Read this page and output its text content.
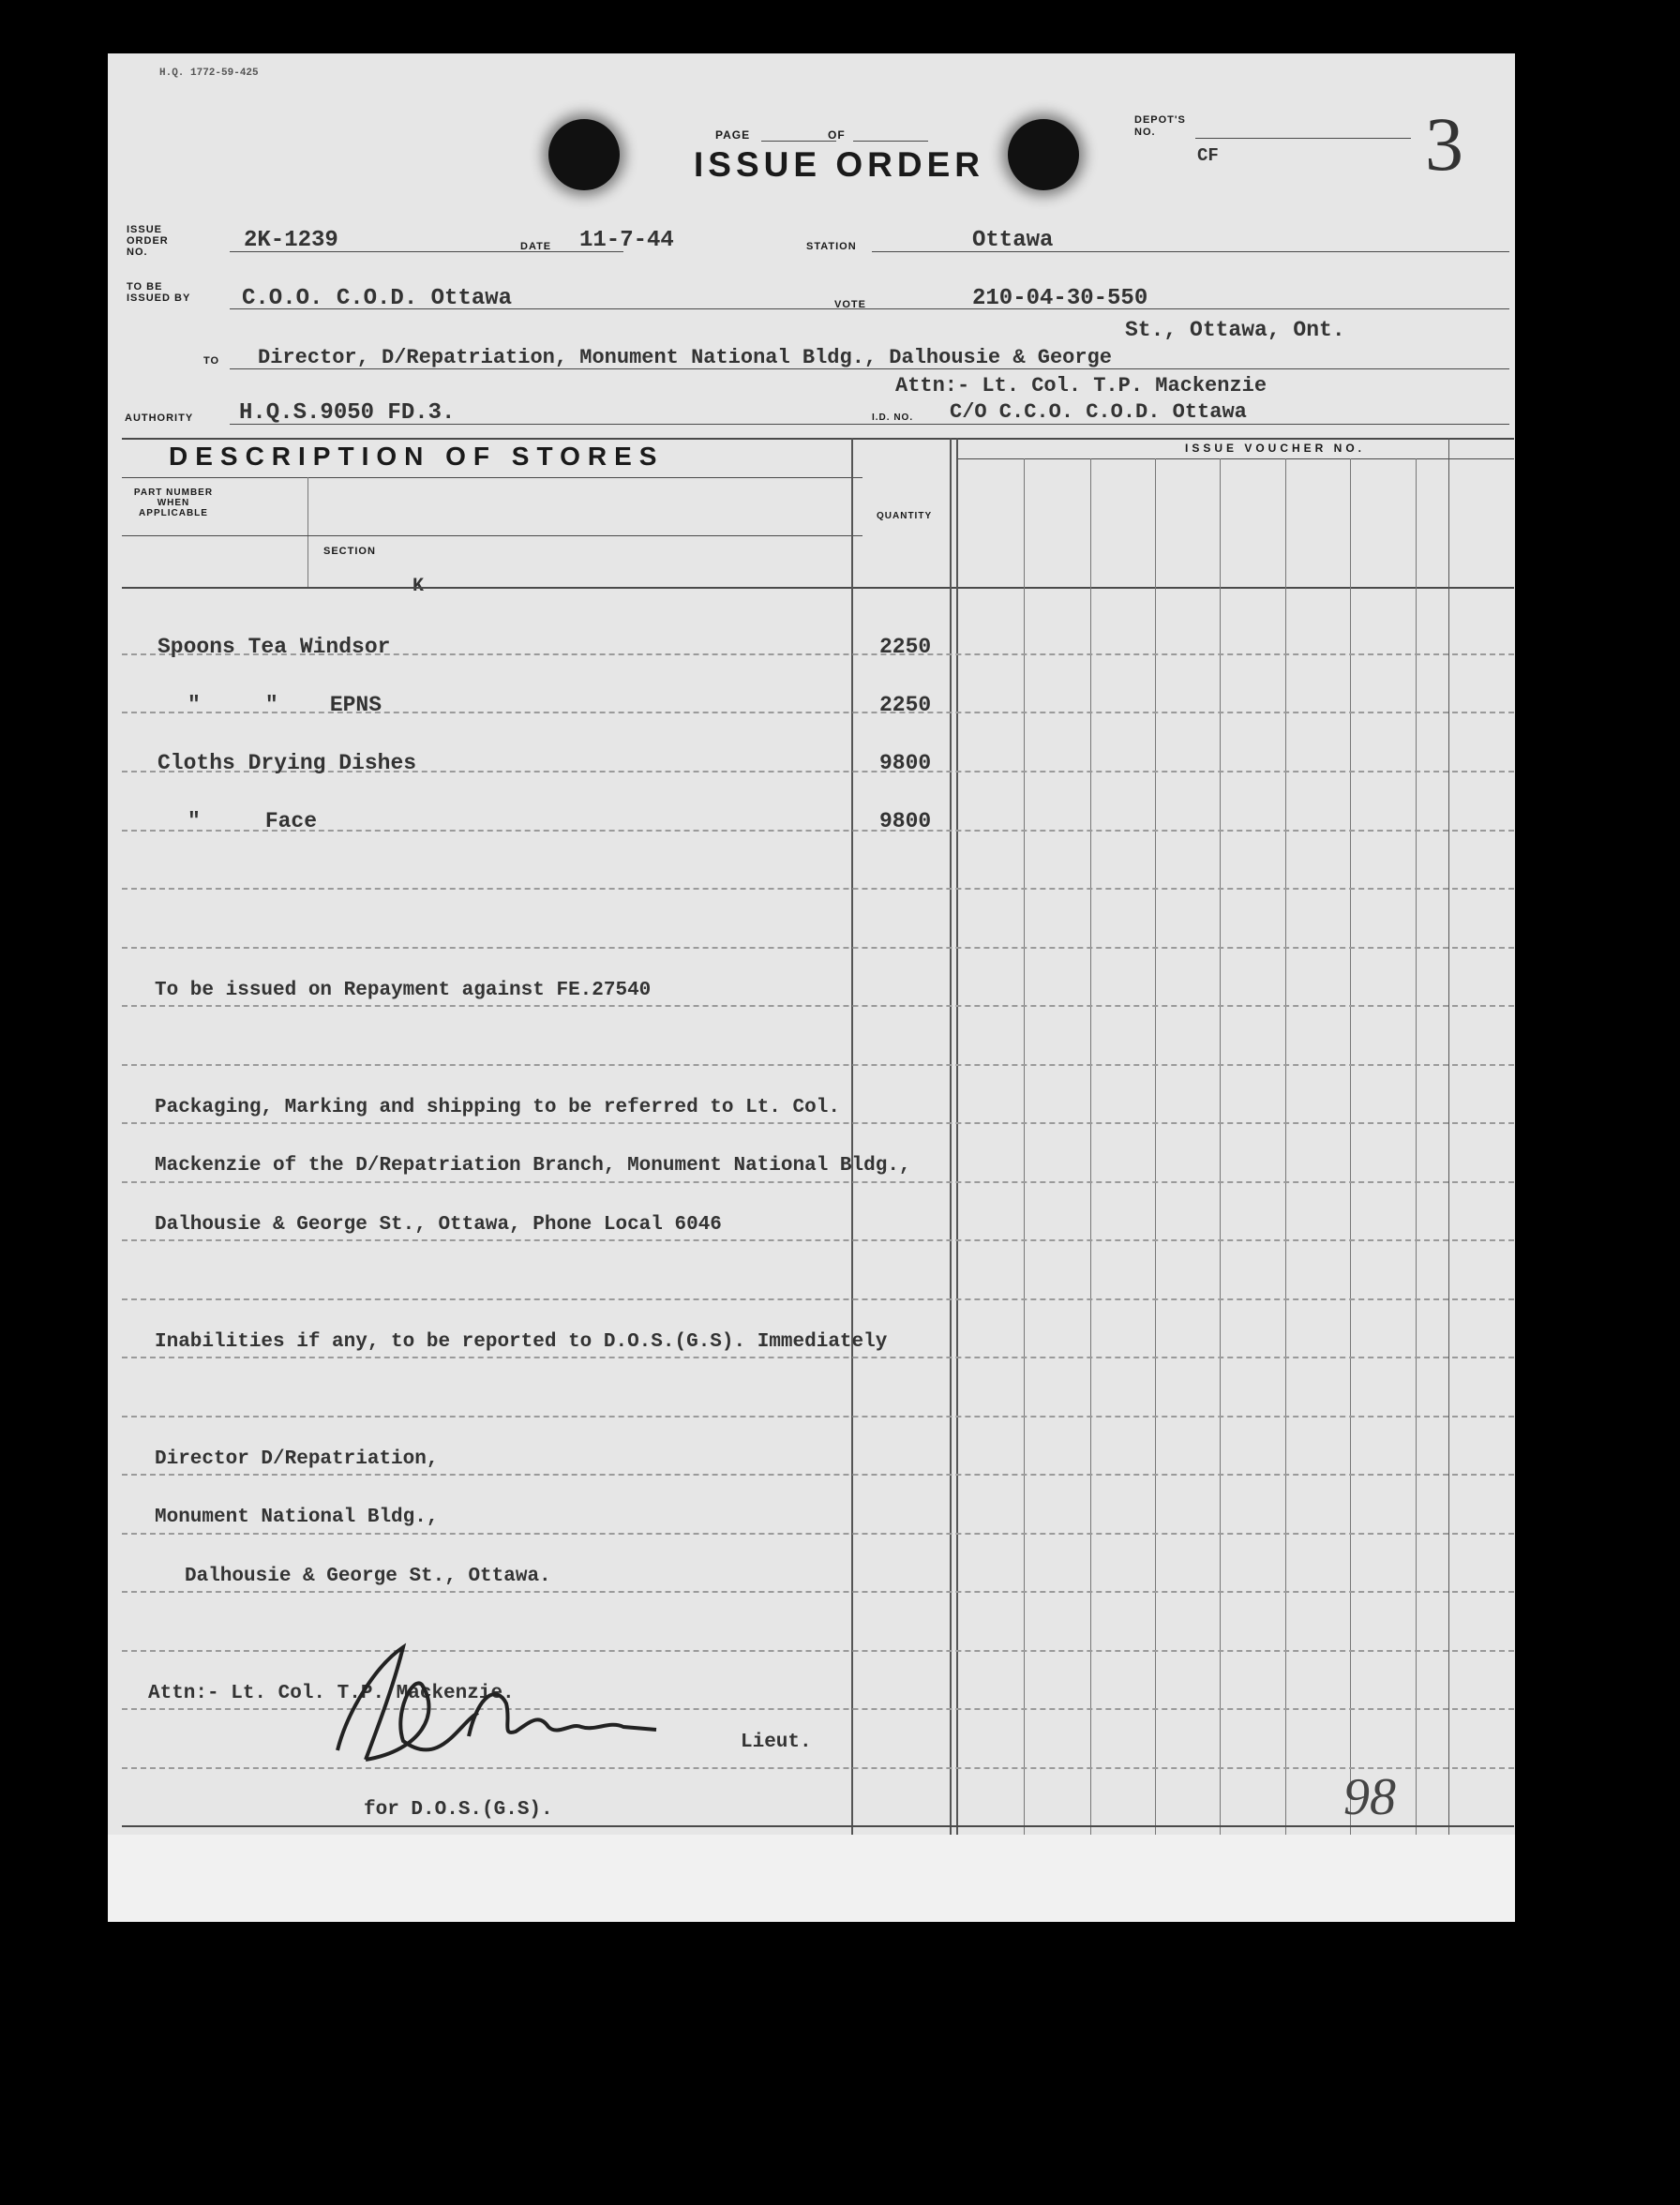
H.Q. 1772-59-425
PAGE	OF
ISSUE ORDER
DEPOT'S NO.
CF	3
ISSUE ORDER NO.	2K-1239	DATE 11-7-44	STATION	Ottawa
TO BE ISSUED BY C.O.O. C.O.D. Ottawa	VOTE	210-04-30-550
St., Ottawa, Ont.
TO Director, D/Repatriation, Monument National Bldg., Dalhousie & George
Attn:- Lt. Col. T.P. Mackenzie
AUTHORITY H.Q.S.9050 FD.3.	I.D. NO. C/O C.C.O. C.O.D. Ottawa
DESCRIPTION OF STORES
QUANTITY
ISSUE VOUCHER NO.
PART NUMBER WHEN APPLICABLE
SECTION
K
Spoons Tea Windsor	2250
"     "    EPNS	2250
Cloths Drying Dishes	9800
"     Face	9800
To be issued on Repayment against FE.27540
Packaging, Marking and shipping to be referred to Lt. Col.
Mackenzie of the D/Repatriation Branch, Monument National Bldg.,
Dalhousie & George St., Ottawa, Phone Local 6046
Inabilities if any, to be reported to D.O.S.(G.S). Immediately
Director D/Repatriation,
Monument National Bldg.,
Dalhousie & George St., Ottawa.
Attn:- Lt. Col. T.P. Mackenzie.
Lieut.
for D.O.S.(G.S).	98
